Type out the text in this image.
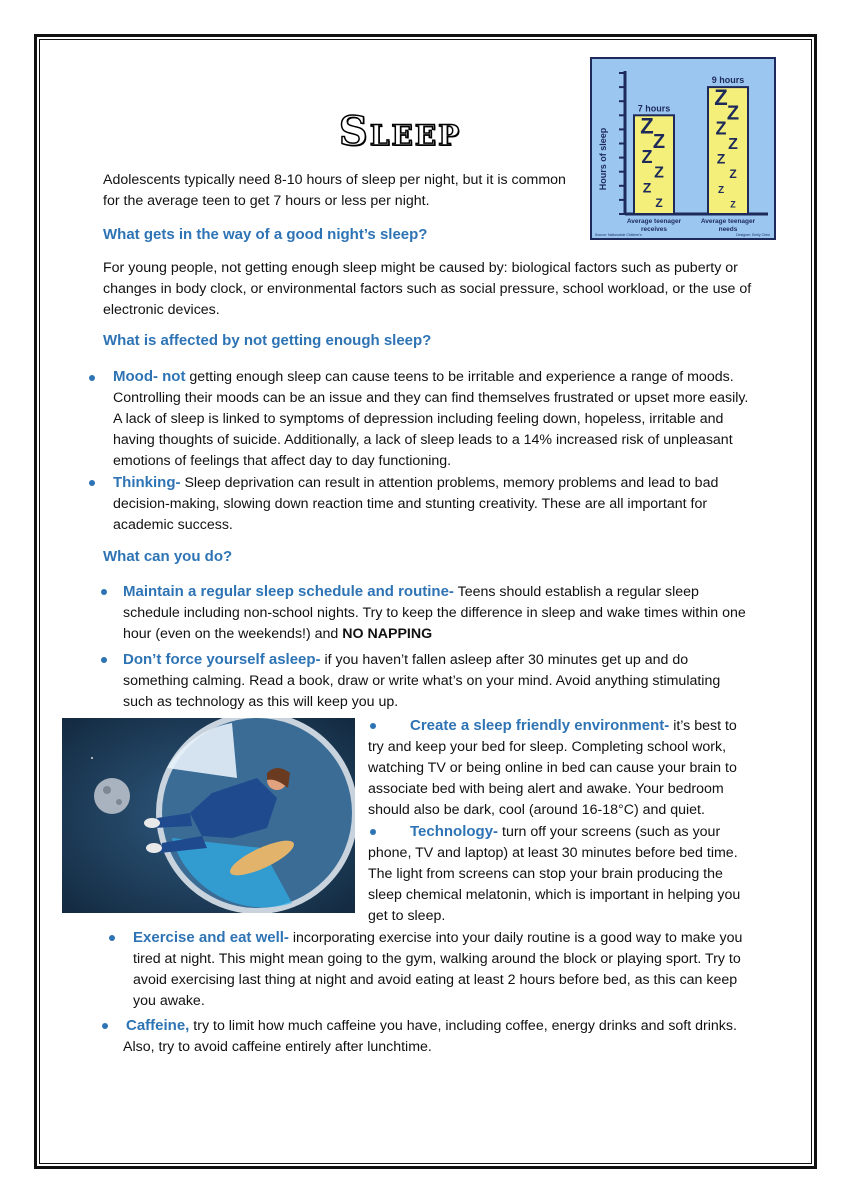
Sleep	Hours of sleep
7 hours
Z
Z
Z
Z
Z
Z
9 hours
Z
Z
Z
Z
Z
Z
Z
Z
Average teenager
receives
Average teenager
needs
Source: Nationwide Children's	Designer: Emily Chen
Adolescents typically need 8-10 hours of sleep per night, but it is common for the average teen to get 7 hours or less per night.
What gets in the way of a good night’s sleep?
For young people, not getting enough sleep might be caused by: biological factors such as puberty or changes in body clock, or environmental factors such as social pressure, school workload, or the use of electronic devices.
What is affected by not getting enough sleep?
Mood- not getting enough sleep can cause teens to be irritable and experience a range of moods. Controlling their moods can be an issue and they can find themselves frustrated or upset more easily. A lack of sleep is linked to symptoms of depression including feeling down, hopeless, irritable and having thoughts of suicide. Additionally, a lack of sleep leads to a 14% increased risk of unpleasant emotions of feelings that affect day to day functioning.
Thinking- Sleep deprivation can result in attention problems, memory problems and lead to bad decision-making, slowing down reaction time and stunting creativity. These are all important for academic success.
What can you do?
Maintain a regular sleep schedule and routine- Teens should establish a regular sleep schedule including non-school nights. Try to keep the difference in sleep and wake times within one hour (even on the weekends!) and NO NAPPING
Don’t force yourself asleep- if you haven’t fallen asleep after 30 minutes get up and do something calming. Read a book, draw or write what’s on your mind. Avoid anything stimulating such as technology as this will keep you up.
Create a sleep friendly environment- it’s best to try and keep your bed for sleep. Completing school work, watching TV or being online in bed can cause your brain to associate bed with being alert and awake. Your bedroom should also be dark, cool (around 16-18°C) and quiet.
Technology- turn off your screens (such as your phone, TV and laptop) at least 30 minutes before bed time. The light from screens can stop your brain producing the sleep chemical melatonin, which is important in helping you get to sleep.
Exercise and eat well- incorporating exercise into your daily routine is a good way to make you tired at night. This might mean going to the gym, walking around the block or playing sport. Try to avoid exercising last thing at night and avoid eating at least 2 hours before bed, as this can keep you awake.
Caffeine, try to limit how much caffeine you have, including coffee, energy drinks and soft drinks. Also, try to avoid caffeine entirely after lunchtime.
